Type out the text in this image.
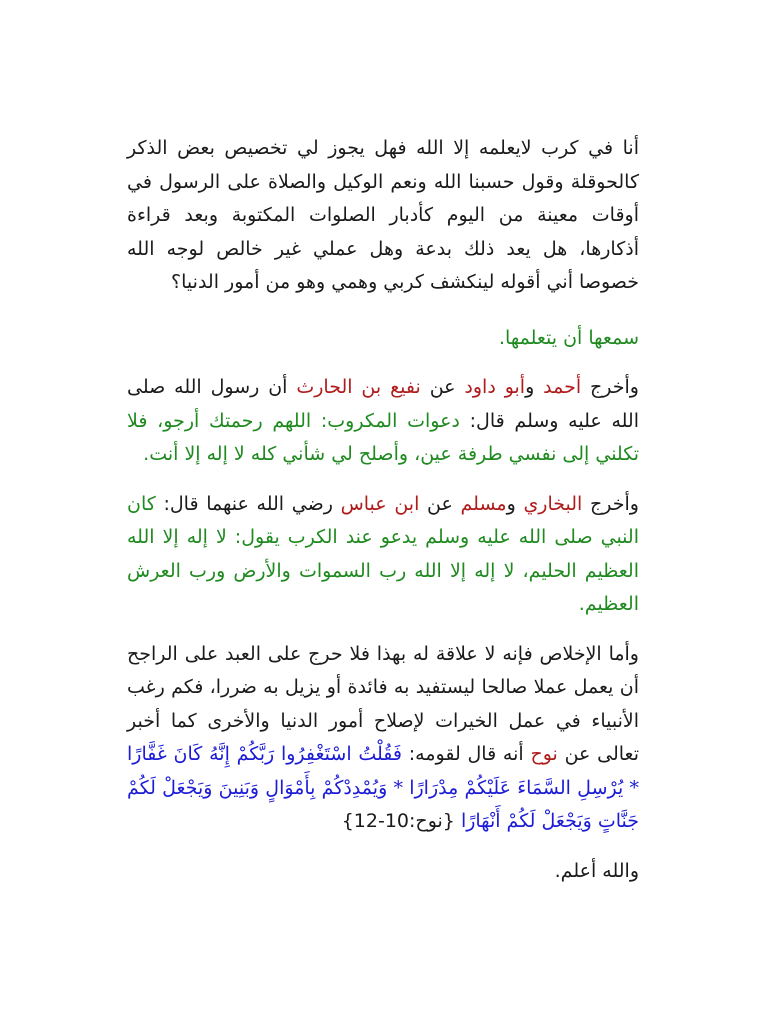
أنا في كرب لايعلمه إلا الله فهل يجوز لي تخصيص بعض الذكر كالحوقلة وقول حسبنا الله ونعم الوكيل والصلاة على الرسول في أوقات معينة من اليوم كأدبار الصلوات المكتوبة وبعد قراءة أذكارها، هل يعد ذلك بدعة وهل عملي غير خالص لوجه الله خصوصا أني أقوله لينكشف كربي وهمي وهو من أمور الدنيا؟

سمعها أن يتعلمها.

وأخرج أحمد وأبو داود عن نفيع بن الحارث أن رسول الله صلى الله عليه وسلم قال: دعوات المكروب: اللهم رحمتك أرجو، فلا تكلني إلى نفسي طرفة عين، وأصلح لي شأني كله لا إله إلا أنت.

وأخرج البخاري ومسلم عن ابن عباس رضي الله عنهما قال: كان النبي صلى الله عليه وسلم يدعو عند الكرب يقول: لا إله إلا الله العظيم الحليم، لا إله إلا الله رب السموات والأرض ورب العرش العظيم.

وأما الإخلاص فإنه لا علاقة له بهذا فلا حرج على العبد على الراجح أن يعمل عملا صالحا ليستفيد به فائدة أو يزيل به ضررا، فكم رغب الأنبياء في عمل الخيرات لإصلاح أمور الدنيا والأخرى كما أخبر تعالى عن نوح أنه قال لقومه: فَقُلْتُ اسْتَغْفِرُوا رَبَّكُمْ إِنَّهُ كَانَ غَفَّارًا * يُرْسِلِ السَّمَاءَ عَلَيْكُمْ مِدْرَارًا * وَيُمْدِدْكُمْ بِأَمْوَالٍ وَبَنِينَ وَيَجْعَلْ لَكُمْ جَنَّاتٍ وَيَجْعَلْ لَكُمْ أَنْهَارًا {نوح:10-12}

والله أعلم.
